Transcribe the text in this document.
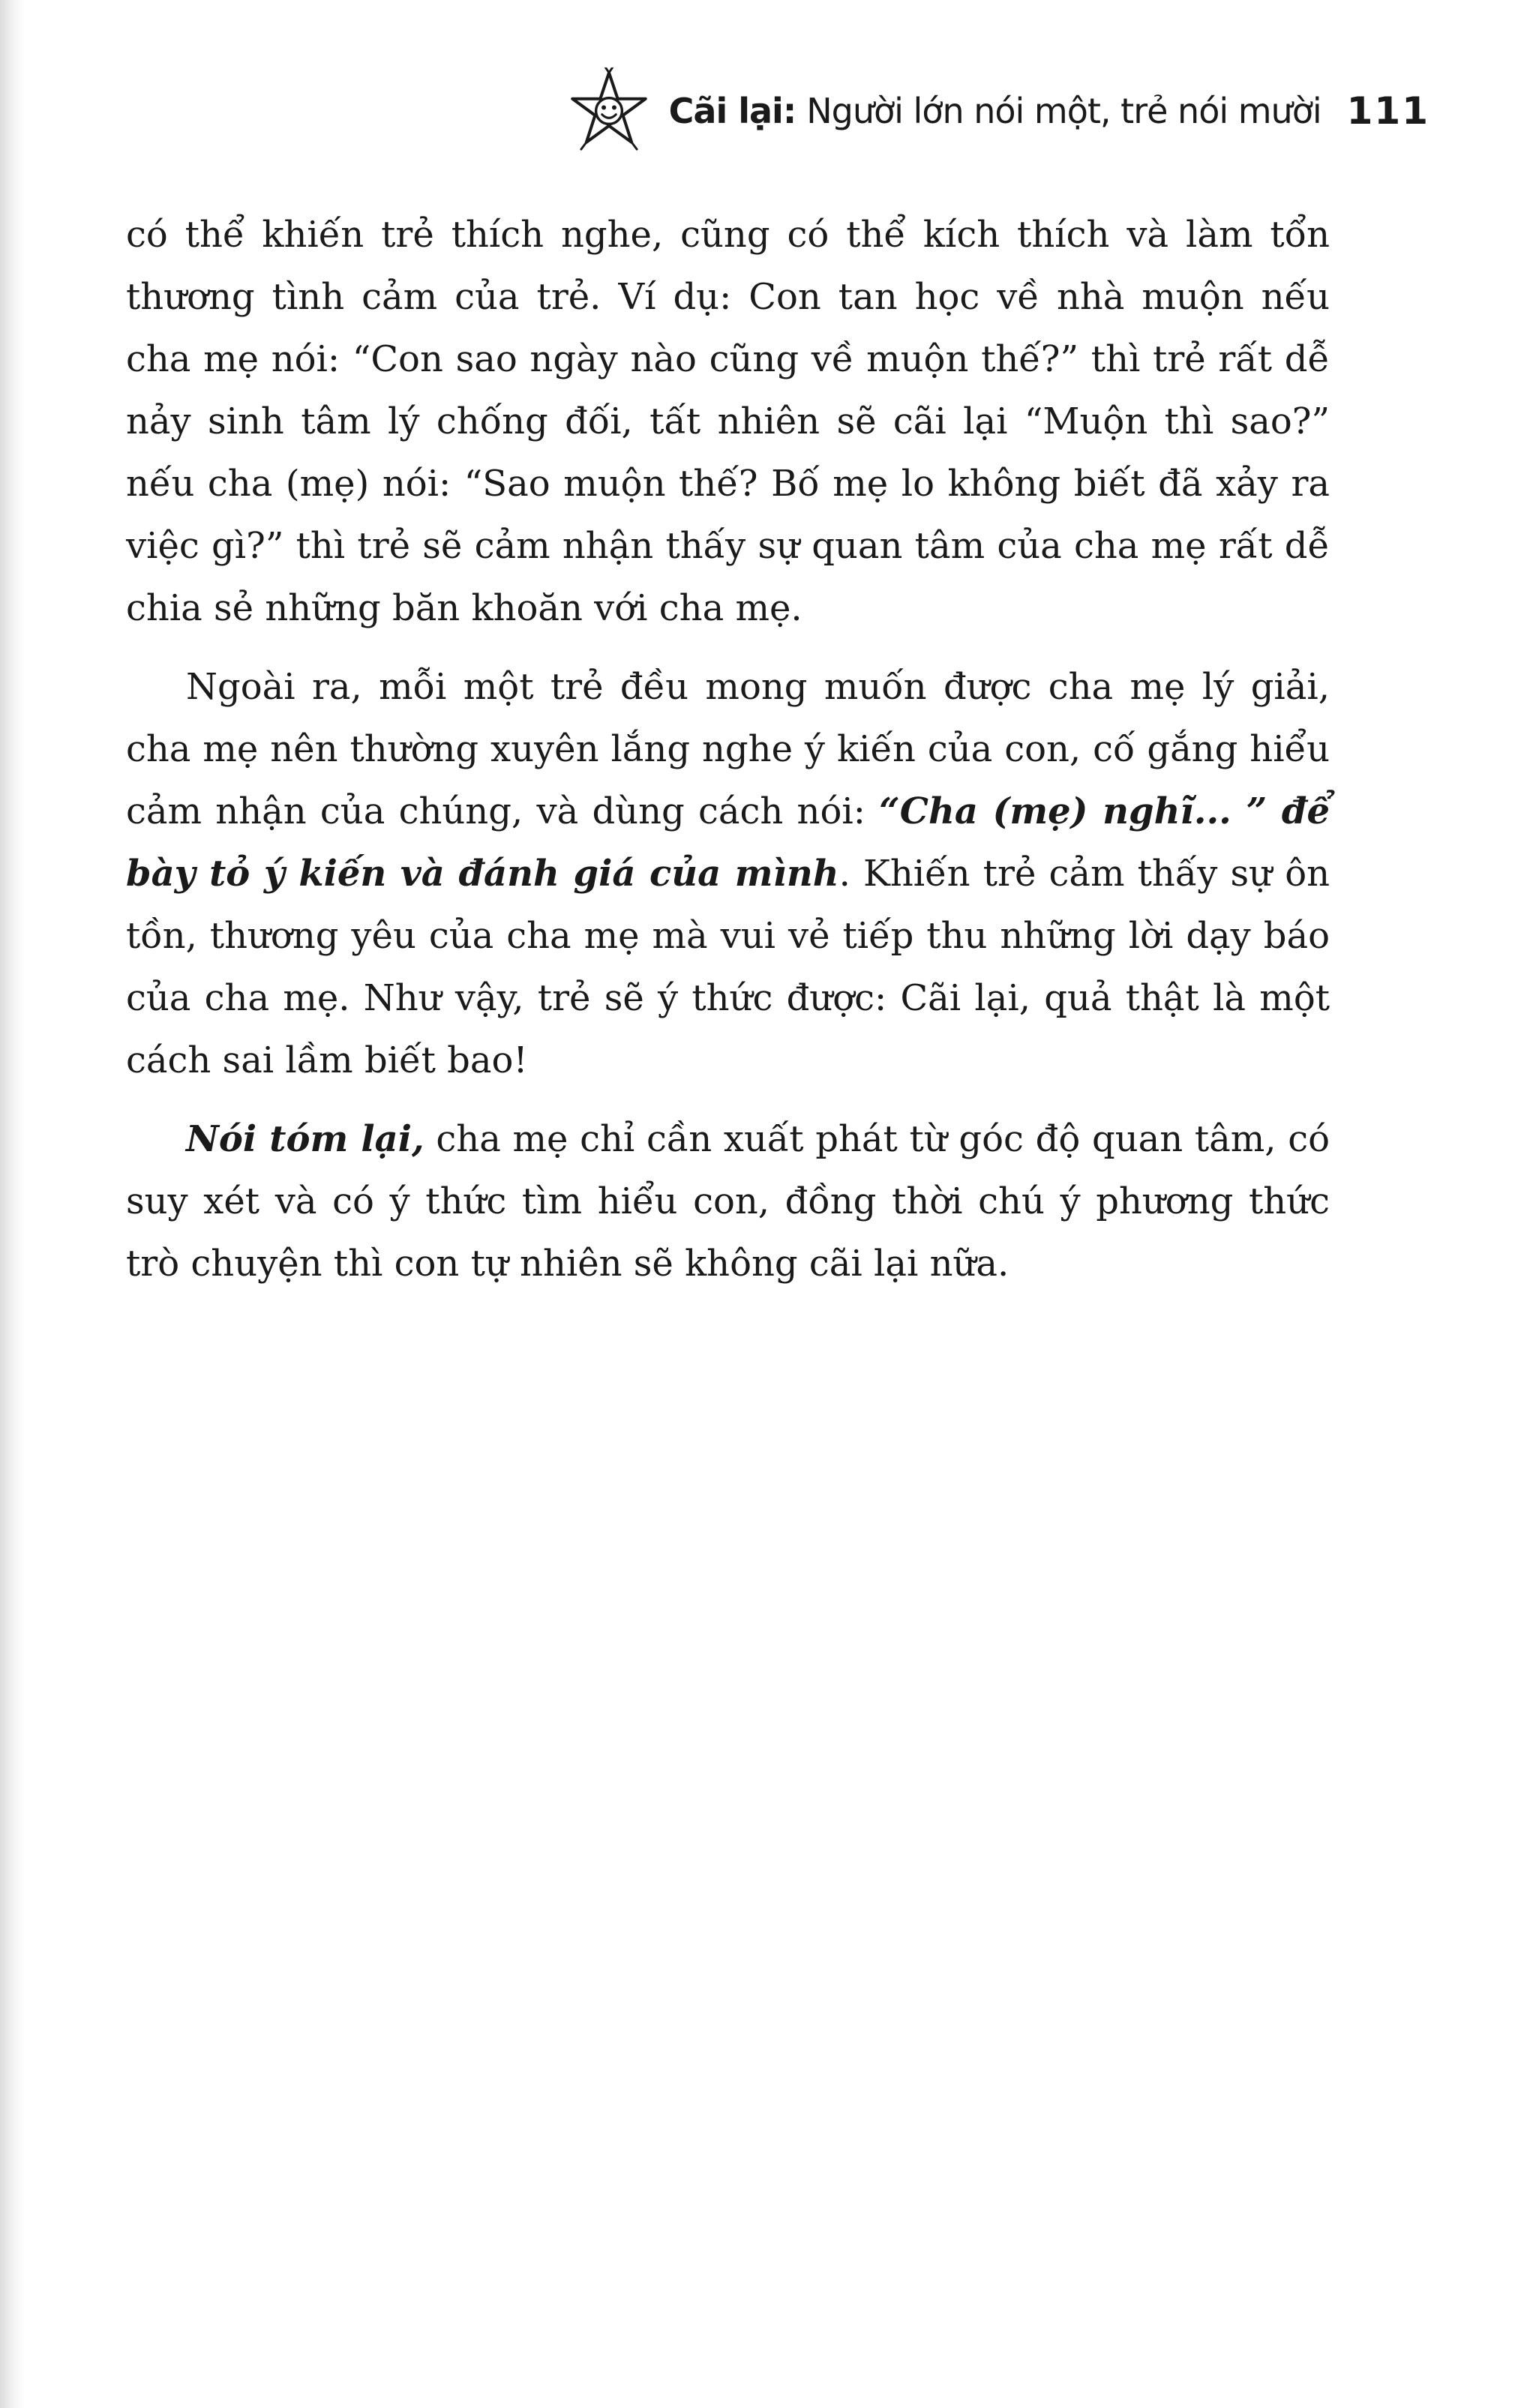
Cãi lại: Người lớn nói một, trẻ nói mười 111

có thể khiến trẻ thích nghe, cũng có thể kích thích và làm tổn thương tình cảm của trẻ. Ví dụ: Con tan học về nhà muộn nếu cha mẹ nói: “Con sao ngày nào cũng về muộn thế?” thì trẻ rất dễ nảy sinh tâm lý chống đối, tất nhiên sẽ cãi lại “Muộn thì sao?” nếu cha (mẹ) nói: “Sao muộn thế? Bố mẹ lo không biết đã xảy ra việc gì?” thì trẻ sẽ cảm nhận thấy sự quan tâm của cha mẹ rất dễ chia sẻ những băn khoăn với cha mẹ.

Ngoài ra, mỗi một trẻ đều mong muốn được cha mẹ lý giải, cha mẹ nên thường xuyên lắng nghe ý kiến của con, cố gắng hiểu cảm nhận của chúng, và dùng cách nói: “Cha (mẹ) nghĩ... ” để bày tỏ ý kiến và đánh giá của mình. Khiến trẻ cảm thấy sự ôn tồn, thương yêu của cha mẹ mà vui vẻ tiếp thu những lời dạy báo của cha mẹ. Như vậy, trẻ sẽ ý thức được: Cãi lại, quả thật là một cách sai lầm biết bao!

Nói tóm lại, cha mẹ chỉ cần xuất phát từ góc độ quan tâm, có suy xét và có ý thức tìm hiểu con, đồng thời chú ý phương thức trò chuyện thì con tự nhiên sẽ không cãi lại nữa.
